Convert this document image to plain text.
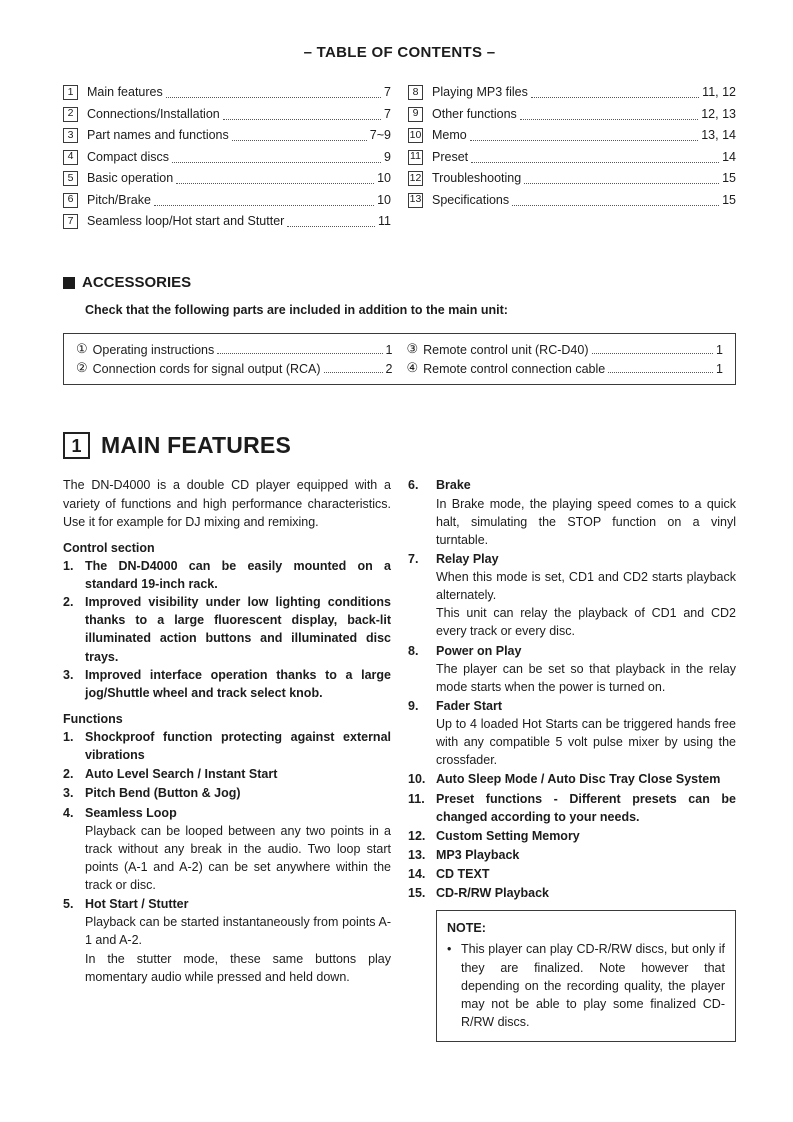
– TABLE OF CONTENTS –
1	Main features	7
2	Connections/Installation	7
3	Part names and functions	7~9
4	Compact discs	9
5	Basic operation	10
6	Pitch/Brake	10
7	Seamless loop/Hot start and Stutter	11
8	Playing MP3 files	11, 12
9	Other functions	12, 13
10 Memo	13, 14
11 Preset	14
12 Troubleshooting	15
13 Specifications	15
ACCESSORIES
Check that the following parts are included in addition to the main unit:
① Operating instructions	1
② Connection cords for signal output (RCA)	2
③ Remote control unit (RC-D40)	1
④ Remote control connection cable	1
1 MAIN FEATURES
The DN-D4000 is a double CD player equipped with a variety of functions and high performance characteristics. Use it for example for DJ mixing and remixing.
Control section
1. The DN-D4000 can be easily mounted on a standard 19-inch rack.
2. Improved visibility under low lighting conditions thanks to a large fluorescent display, back-lit illuminated action buttons and illuminated disc trays.
3. Improved interface operation thanks to a large jog/Shuttle wheel and track select knob.
Functions
1. Shockproof function protecting against external vibrations
2. Auto Level Search / Instant Start
3. Pitch Bend (Button & Jog)
4. Seamless Loop
Playback can be looped between any two points in a track without any break in the audio. Two loop start points (A-1 and A-2) can be set anywhere within the track or disc.
5. Hot Start / Stutter
Playback can be started instantaneously from points A-1 and A-2.
In the stutter mode, these same buttons play momentary audio while pressed and held down.
6.	Brake
In Brake mode, the playing speed comes to a quick halt, simulating the STOP function on a vinyl turntable.
7.	Relay Play
When this mode is set, CD1 and CD2 starts playback alternately.
This unit can relay the playback of CD1 and CD2 every track or every disc.
8.	Power on Play
The player can be set so that playback in the relay mode starts when the power is turned on.
9.	Fader Start
Up to 4 loaded Hot Starts can be triggered hands free with any compatible 5 volt pulse mixer by using the crossfader.
10. Auto Sleep Mode / Auto Disc Tray Close System
11. Preset functions - Different presets can be changed according to your needs.
12. Custom Setting Memory
13. MP3 Playback
14. CD TEXT
15. CD-R/RW Playback
NOTE:
• This player can play CD-R/RW discs, but only if they are finalized. Note however that depending on the recording quality, the player may not be able to play some finalized CD-R/RW discs.
